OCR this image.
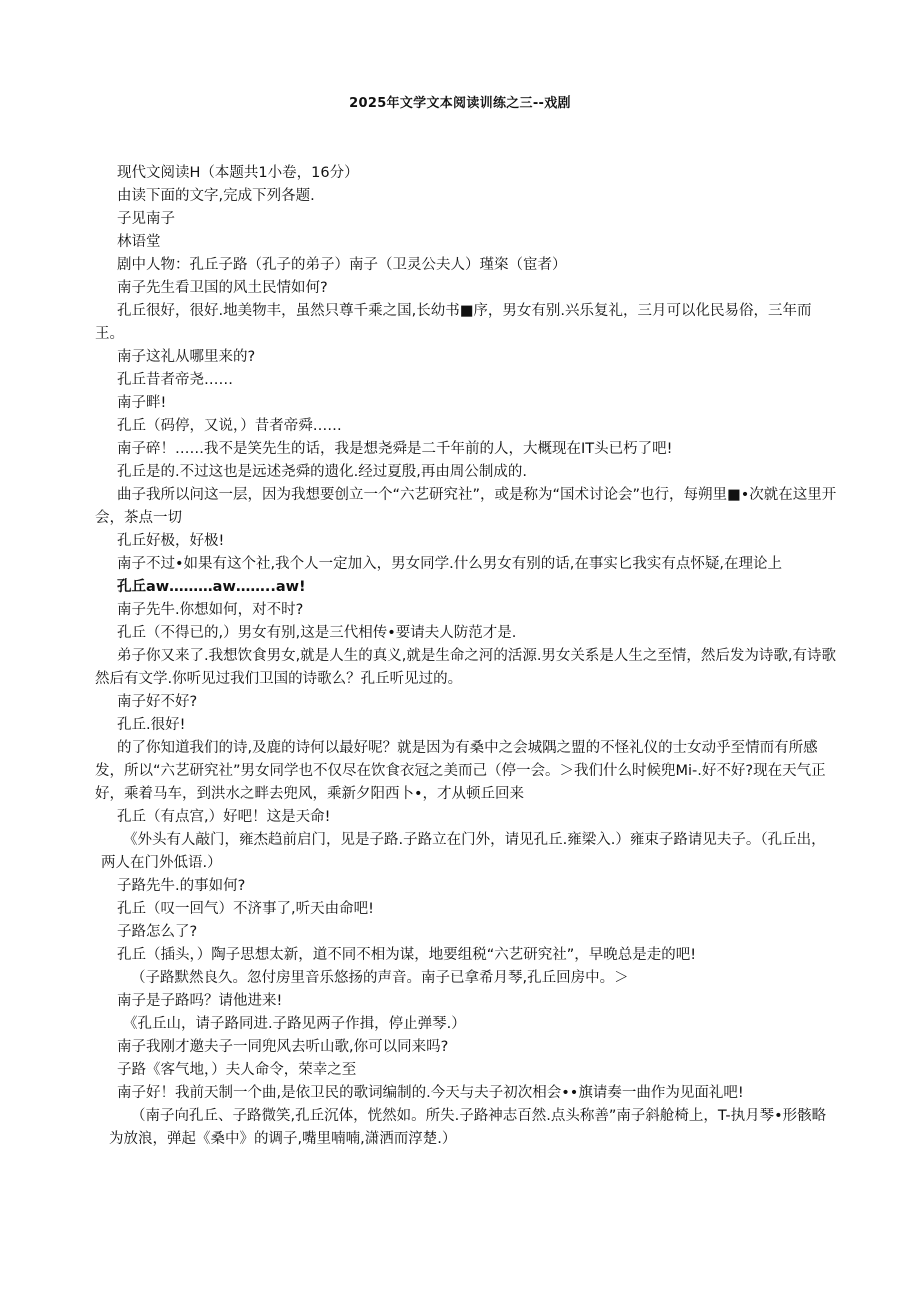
2025年文学文本阅读训练之三--戏剧

现代文阅读H（本题共1小卷，16分）

由读下面的文字,完成下列各题.

子见南子

林语堂

剧中人物：孔丘子路（孔子的弟子）南子（卫灵公夫人）瑾栥（宦者）

南子先生看卫国的风土民情如何?

孔丘很好，很好.地美物丰，虽然只尊千乘之国,长幼书■序，男女有别.兴乐复礼，三月可以化民易俗，三年而王。

南子这礼从哪里来的?

孔丘昔者帝尧……

南子畔!

孔丘（码停，又说，）昔者帝舜……

南子碎！……我不是笑先生的话，我是想尧舜是二千年前的人，大概现在IT头已朽了吧!

孔丘是的.不过这也是远述尧舜的遗化.经过夏殷,再由周公制成的.

曲子我所以问这一层，因为我想要创立一个“六艺研究社”，或是称为“国术讨论会”也行，每朔里■•次就在这里开会，茶点一切

孔丘好极，好极!

南子不过•如果有这个社,我个人一定加入，男女同学.什么男女有别的话,在事实匕我实有点怀疑,在理论上

孔丘aw………aw……..aw!

南子先牛.你想如何，对不时?

孔丘（不得已的,）男女有别,这是三代相传•要请夫人防范才是.

弟子你又来了.我想饮食男女,就是人生的真义,就是生命之河的活源.男女关系是人生之至情，然后发为诗歌,有诗歌然后有文学.你听见过我们卫国的诗歌么？孔丘听见过的。

南子好不好?

孔丘.很好!

的了你知道我们的诗,及鹿的诗何以最好呢？就是因为有桑中之会城隅之盟的不怪礼仪的士女动乎至情而有所感发，所以“六艺研究社”男女同学也不仅尽在饮食衣冠之美而己（停一会。＞我们什么时候兜Mi-.好不好?现在天气正好，乘着马车，到洪水之畔去兜风，乘新夕阳西卜•，才从顿丘回来

孔丘（有点宫,）好吧！这是天命!

《外头有人敲门，雍杰趋前启门，见是子路.子路立在门外，请见孔丘.雍梁入.）雍束子路请见夫子。（孔丘出，两人在门外低语.）

子路先牛.的事如何?

孔丘（叹一回气）不济事了,听天由命吧!

子路怎么了?

孔丘（插头，）陶子思想太新，道不同不相为谋，地要组税“六艺研究社”，早晚总是走的吧!

（子路默然良久。忽付房里音乐悠扬的声音。南子已拿希月琴,孔丘回房中。＞

南子是子路吗？请他进来!

《孔丘山，请子路同进.子路见两子作揖，停止弹琴.）

南子我刚才邀夫子一同兜风去听山歌,你可以同来吗?

子路《客气地，）夫人命令，荣幸之至

南子好！我前天制一个曲,是依卫民的歌词编制的.今天与夫子初次相会••旗请奏一曲作为见面礼吧!

（南子向孔丘、子路微笑,孔丘沉体，恍然如。所失.子路神志百然.点头称善”南子斜舱椅上，T-执月琴•形骸略为放浪，弹起《桑中》的调子,嘴里喃喃,潇洒而淳楚.）
